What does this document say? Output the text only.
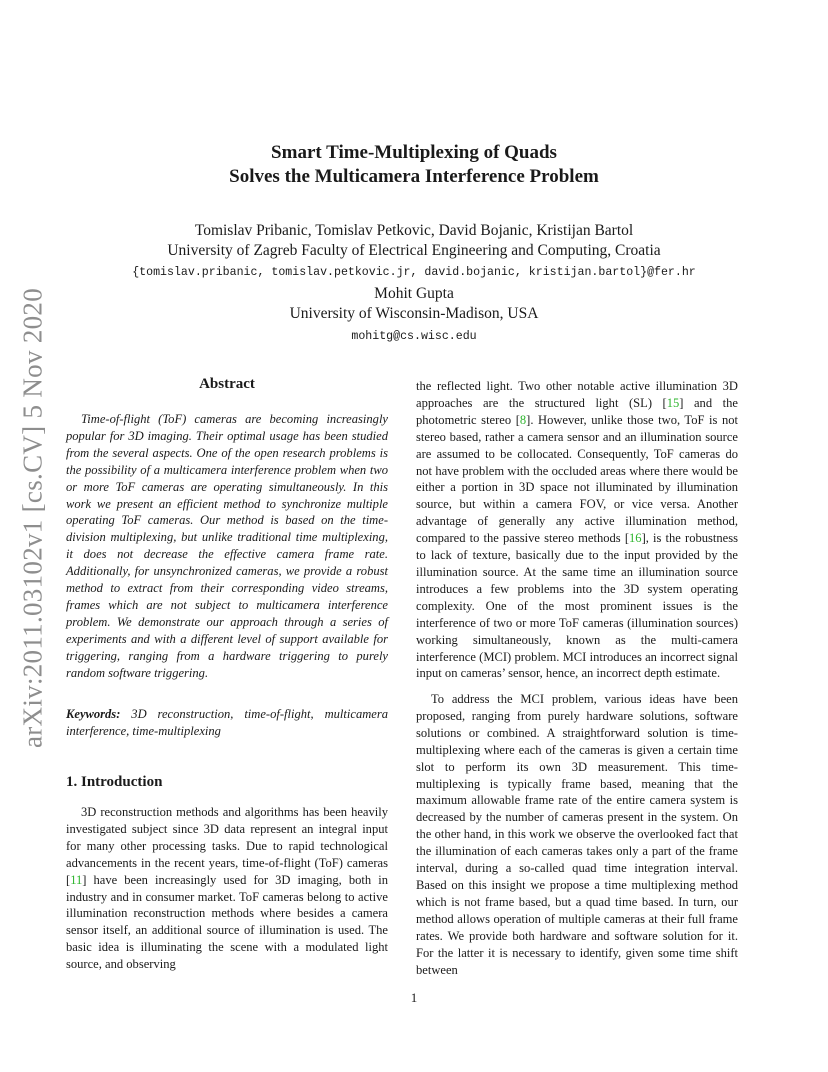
arXiv:2011.03102v1 [cs.CV] 5 Nov 2020
Smart Time-Multiplexing of Quads
Solves the Multicamera Interference Problem
Tomislav Pribanic, Tomislav Petkovic, David Bojanic, Kristijan Bartol
University of Zagreb Faculty of Electrical Engineering and Computing, Croatia
{tomislav.pribanic, tomislav.petkovic.jr, david.bojanic, kristijan.bartol}@fer.hr
Mohit Gupta
University of Wisconsin-Madison, USA
mohitg@cs.wisc.edu
Abstract

Time-of-flight (ToF) cameras are becoming increasingly popular for 3D imaging. Their optimal usage has been studied from the several aspects. One of the open research problems is the possibility of a multicamera interference problem when two or more ToF cameras are operating simultaneously. In this work we present an efficient method to synchronize multiple operating ToF cameras. Our method is based on the time-division multiplexing, but unlike traditional time multiplexing, it does not decrease the effective camera frame rate. Additionally, for unsynchronized cameras, we provide a robust method to extract from their corresponding video streams, frames which are not subject to multicamera interference problem. We demonstrate our approach through a series of experiments and with a different level of support available for triggering, ranging from a hardware triggering to purely random software triggering.

Keywords: 3D reconstruction, time-of-flight, multicamera interference, time-multiplexing

1. Introduction

3D reconstruction methods and algorithms has been heavily investigated subject since 3D data represent an integral input for many other processing tasks. Due to rapid technological advancements in the recent years, time-of-flight (ToF) cameras [11] have been increasingly used for 3D imaging, both in industry and in consumer market. ToF cameras belong to active illumination reconstruction methods where besides a camera sensor itself, an additional source of illumination is used. The basic idea is illuminating the scene with a modulated light source, and observing

the reflected light. Two other notable active illumination 3D approaches are the structured light (SL) [15] and the photometric stereo [8]. However, unlike those two, ToF is not stereo based, rather a camera sensor and an illumination source are assumed to be collocated. Consequently, ToF cameras do not have problem with the occluded areas where there would be either a portion in 3D space not illuminated by illumination source, but within a camera FOV, or vice versa. Another advantage of generally any active illumination method, compared to the passive stereo methods [16], is the robustness to lack of texture, basically due to the input provided by the illumination source. At the same time an illumination source introduces a few problems into the 3D system operating complexity. One of the most prominent issues is the interference of two or more ToF cameras (illumination sources) working simultaneously, known as the multi-camera interference (MCI) problem. MCI introduces an incorrect signal input on cameras’ sensor, hence, an incorrect depth estimate.

To address the MCI problem, various ideas have been proposed, ranging from purely hardware solutions, software solutions or combined. A straightforward solution is time-multiplexing where each of the cameras is given a certain time slot to perform its own 3D measurement. This time-multiplexing is typically frame based, meaning that the maximum allowable frame rate of the entire camera system is decreased by the number of cameras present in the system. On the other hand, in this work we observe the overlooked fact that the illumination of each cameras takes only a part of the frame interval, during a so-called quad time integration interval. Based on this insight we propose a time multiplexing method which is not frame based, but a quad time based. In turn, our method allows operation of multiple cameras at their full frame rates. We provide both hardware and software solution for it. For the latter it is necessary to identify, given some time shift between

1
